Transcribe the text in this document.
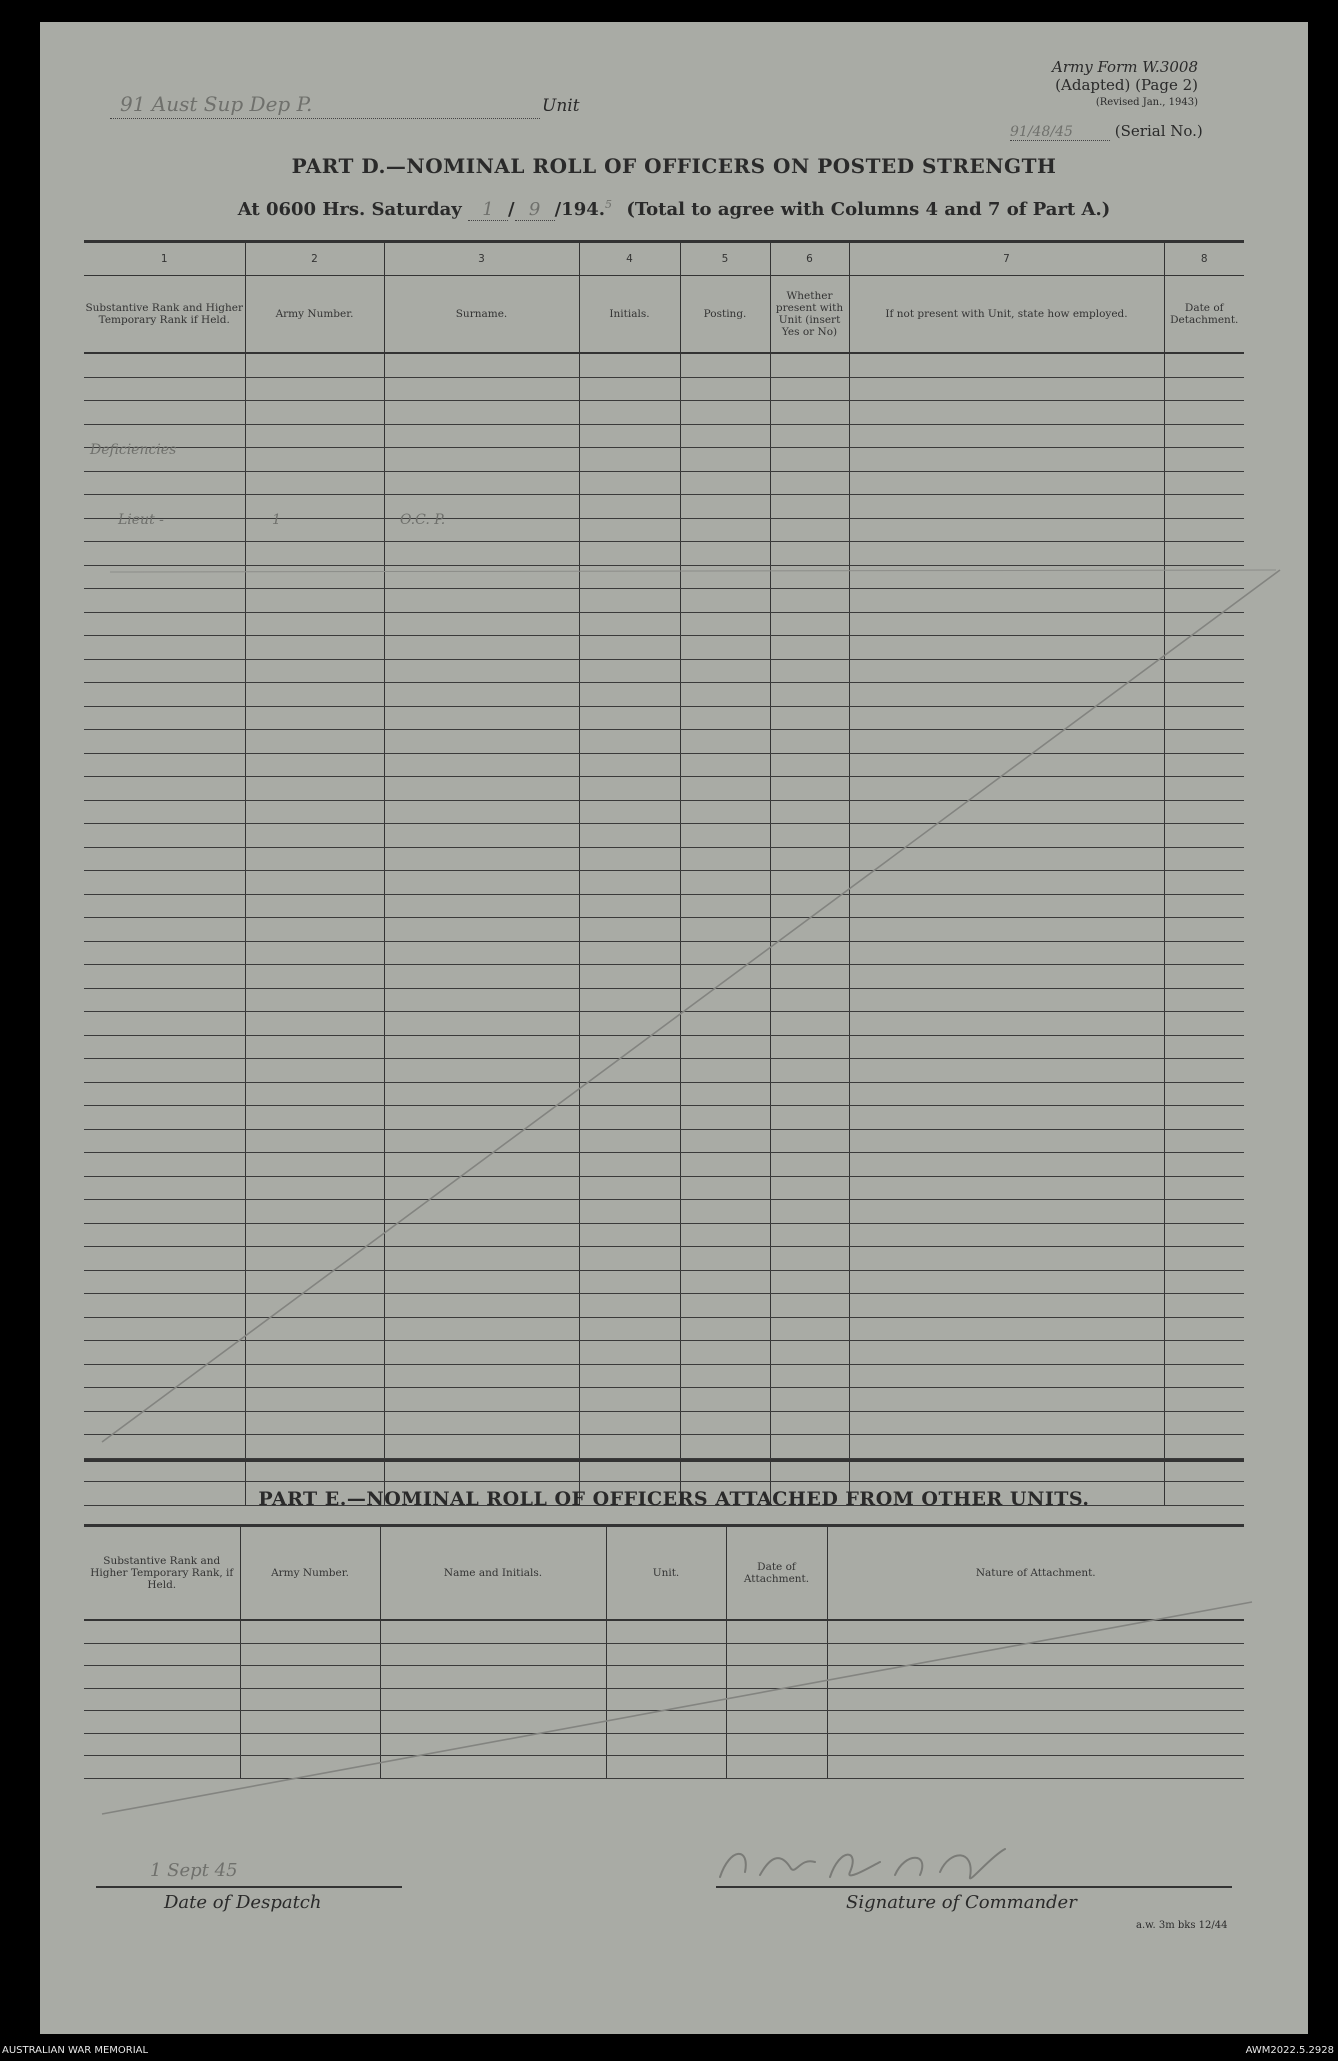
Army Form W.3008
(Adapted) (Page 2)
(Revised Jan., 1943)
91 Aust Sup Dep P.	Unit
91/48/45	(Serial No.)
PART D.—NOMINAL ROLL OF OFFICERS ON POSTED STRENGTH
At 0600 Hrs. Saturday 1 / 9 /194.$^5$ (Total to agree with Columns 4 and 7 of Part A.)
1	2	3	4	5	6	7	8
Substantive Rank and Higher Temporary Rank if Held.	Army Number.	Surname.	Initials.	Posting.	Whether present with Unit (insert Yes or No)	If not present with Unit, state how employed.	Date of Detachment.

Deficiencies
Lieut -	1	O.C. P.
PART E.—NOMINAL ROLL OF OFFICERS ATTACHED FROM OTHER UNITS.
Substantive Rank and Higher Temporary Rank, if Held.	Army Number.	Name and Initials.	Unit.	Date of Attachment.	Nature of Attachment.

1 Sept 45
Date of Despatch	Signature of Commander
a.w. 3m bks 12/44
AUSTRALIAN WAR MEMORIAL	AWM2022.5.2928
